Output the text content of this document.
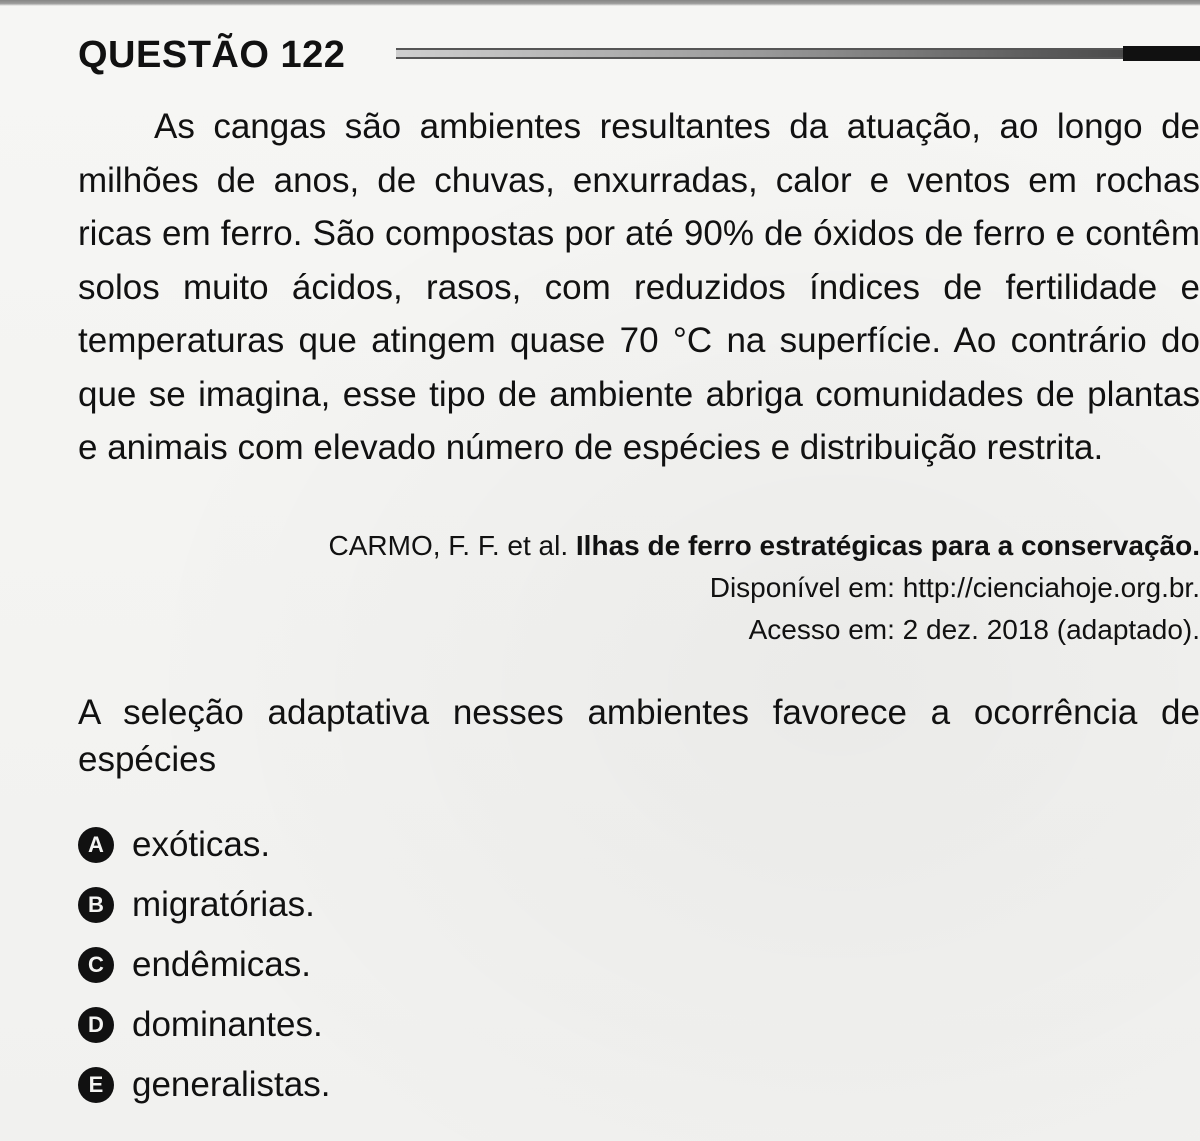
QUESTÃO 122

As cangas são ambientes resultantes da atuação, ao longo de milhões de anos, de chuvas, enxurradas, calor e ventos em rochas ricas em ferro. São compostas por até 90% de óxidos de ferro e contêm solos muito ácidos, rasos, com reduzidos índices de fertilidade e temperaturas que atingem quase 70 °C na superfície. Ao contrário do que se imagina, esse tipo de ambiente abriga comunidades de plantas e animais com elevado número de espécies e distribuição restrita.

CARMO, F. F. et al. Ilhas de ferro estratégicas para a conservação.
Disponível em: http://cienciahoje.org.br.
Acesso em: 2 dez. 2018 (adaptado).

A seleção adaptativa nesses ambientes favorece a ocorrência de espécies

A exóticas.
B migratórias.
C endêmicas.
D dominantes.
E generalistas.
